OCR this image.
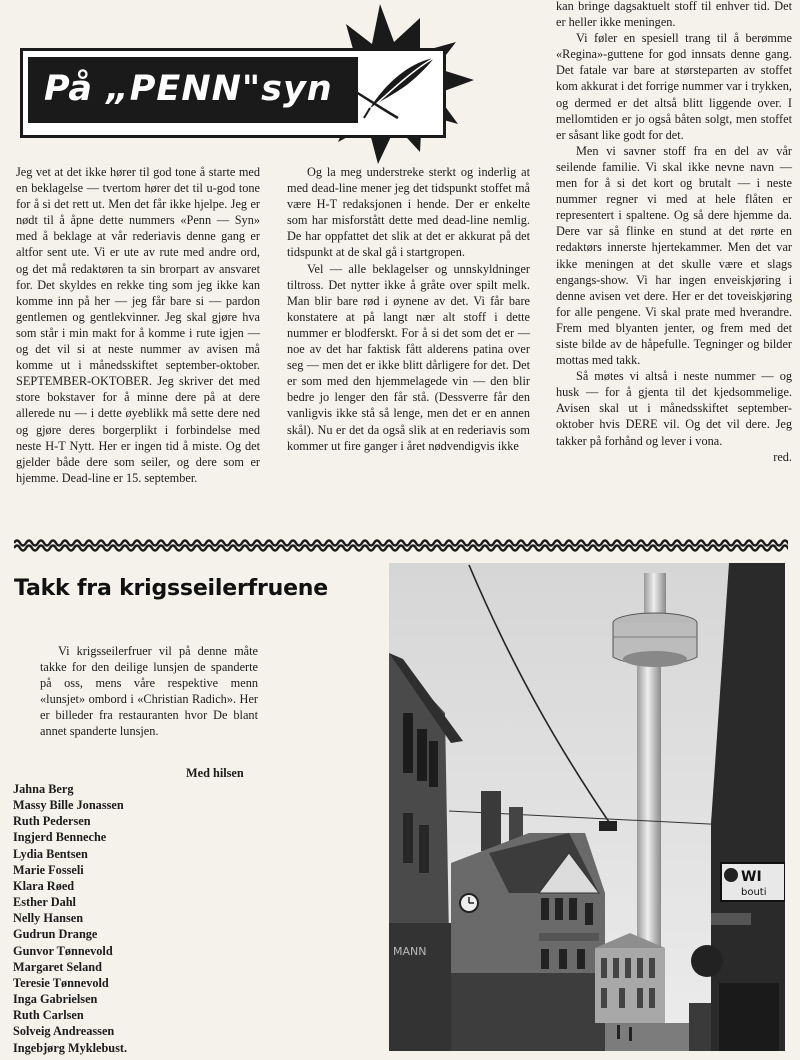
På „PENN"syn

Jeg vet at det ikke hører til god tone å starte med en beklagelse — tvertom hører det til u-god tone for å si det rett ut. Men det får ikke hjelpe. Jeg er nødt til å åpne dette nummers «Penn — Syn» med å beklage at vår rederiavis denne gang er altfor sent ute. Vi er ute av rute med andre ord, og det må redaktøren ta sin brorpart av ansvaret for. Det skyldes en rekke ting som jeg ikke kan komme inn på her — jeg får bare si — pardon gentlemen og gentlekvinner. Jeg skal gjøre hva som står i min makt for å komme i rute igjen — og det vil si at neste nummer av avisen må komme ut i månedsskiftet september-oktober. SEPTEMBER-OKTOBER. Jeg skriver det med store bokstaver for å minne dere på at dere allerede nu — i dette øyeblikk må sette dere ned og gjøre deres borgerplikt i forbindelse med neste H-T Nytt. Her er ingen tid å miste. Og det gjelder både dere som seiler, og dere som er hjemme. Dead-line er 15. september.

Og la meg understreke sterkt og inderlig at med dead-line mener jeg det tidspunkt stoffet må være H-T redaksjonen i hende. Der er enkelte som har misforstått dette med dead-line nemlig. De har oppfattet det slik at det er akkurat på det tidspunkt at de skal gå i startgropen.

Vel — alle beklagelser og unnskyldninger tiltross. Det nytter ikke å gråte over spilt melk. Man blir bare rød i øynene av det. Vi får bare konstatere at på langt nær alt stoff i dette nummer er blodferskt. For å si det som det er — noe av det har faktisk fått alderens patina over seg — men det er ikke blitt dårligere for det. Det er som med den hjemmelagede vin — den blir bedre jo lenger den får stå. (Dessverre får den vanligvis ikke stå så lenge, men det er en annen skål). Nu er det da også slik at en rederiavis som kommer ut fire ganger i året nødvendigvis ikke

kan bringe dagsaktuelt stoff til enhver tid. Det er heller ikke meningen.

Vi føler en spesiell trang til å berømme «Regina»-guttene for god innsats denne gang. Det fatale var bare at størsteparten av stoffet kom akkurat i det forrige nummer var i trykken, og dermed er det altså blitt liggende over. I mellomtiden er jo også båten solgt, men stoffet er såsant like godt for det.

Men vi savner stoff fra en del av vår seilende familie. Vi skal ikke nevne navn — men for å si det kort og brutalt — i neste nummer regner vi med at hele flåten er representert i spaltene. Og så dere hjemme da. Dere var så flinke en stund at det rørte en redaktørs innerste hjertekammer. Men det var ikke meningen at det skulle være et slags engangs-show. Vi har ingen enveiskjøring i denne avisen vet dere. Her er det toveiskjøring for alle pengene. Vi skal prate med hverandre. Frem med blyanten jenter, og frem med det siste bilde av de håpefulle. Tegninger og bilder mottas med takk.

Så møtes vi altså i neste nummer — og husk — for å gjenta til det kjedsommelige. Avisen skal ut i månedsskiftet september-oktober hvis DERE vil. Og det vil dere. Jeg takker på forhånd og lever i vona.

red.

Takk fra krigsseilerfruene

Vi krigsseilerfruer vil på denne måte takke for den deilige lunsjen de spanderte på oss, mens våre respektive menn «lunsjet» ombord i «Christian Radich». Her er billeder fra restauranten hvor De blant annet spanderte lunsjen.

Med hilsen
Jahna Berg
Massy Bille Jonassen
Ruth Pedersen
Ingjerd Benneche
Lydia Bentsen
Marie Fosseli
Klara Røed
Esther Dahl
Nelly Hansen
Gudrun Drange
Gunvor Tønnevold
Margaret Seland
Teresie Tønnevold
Inga Gabrielsen
Ruth Carlsen
Solveig Andreassen
Ingebjørg Myklebust.
MANN
WI
bouti
